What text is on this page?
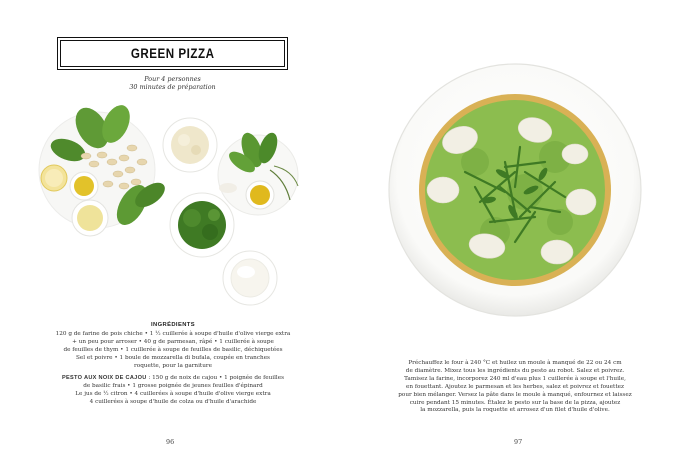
GREEN PIZZA
Pour 4 personnes
30 minutes de préparation
INGRÉDIENTS
120 g de farine de pois chiche • 1 ½ cuillerée à soupe d'huile d'olive vierge extra
+ un peu pour arroser • 40 g de parmesan, râpé • 1 cuillerée à soupe
de feuilles de thym • 1 cuillerée à soupe de feuilles de basilic, déchiquetées
Sel et poivre • 1 boule de mozzarella di bufala, coupée en tranches
roquette, pour la garniture
PESTO AUX NOIX DE CAJOU : 150 g de noix de cajou • 1 poignée de feuilles
de basilic frais • 1 grosse poignée de jeunes feuilles d'épinard
Le jus de ½ citron • 4 cuillerées à soupe d'huile d'olive vierge extra
4 cuillerées à soupe d'huile de colza ou d'huile d'arachide
96
Préchauffez le four à 240 °C et huilez un moule à manqué de 22 ou 24 cm
de diamètre. Mixez tous les ingrédients du pesto au robot. Salez et poivrez.
Tamisez la farine, incorporez 240 ml d'eau plus 1 cuillerée à soupe et l'huile,
en fouettant. Ajoutez le parmesan et les herbes, salez et poivrez et fouettez
pour bien mélanger. Versez la pâte dans le moule à manqué, enfournez et laissez
cuire pendant 15 minutes. Étalez le pesto sur la base de la pizza, ajoutez
la mozzarella, puis la roquette et arrosez d'un filet d'huile d'olive.
97
